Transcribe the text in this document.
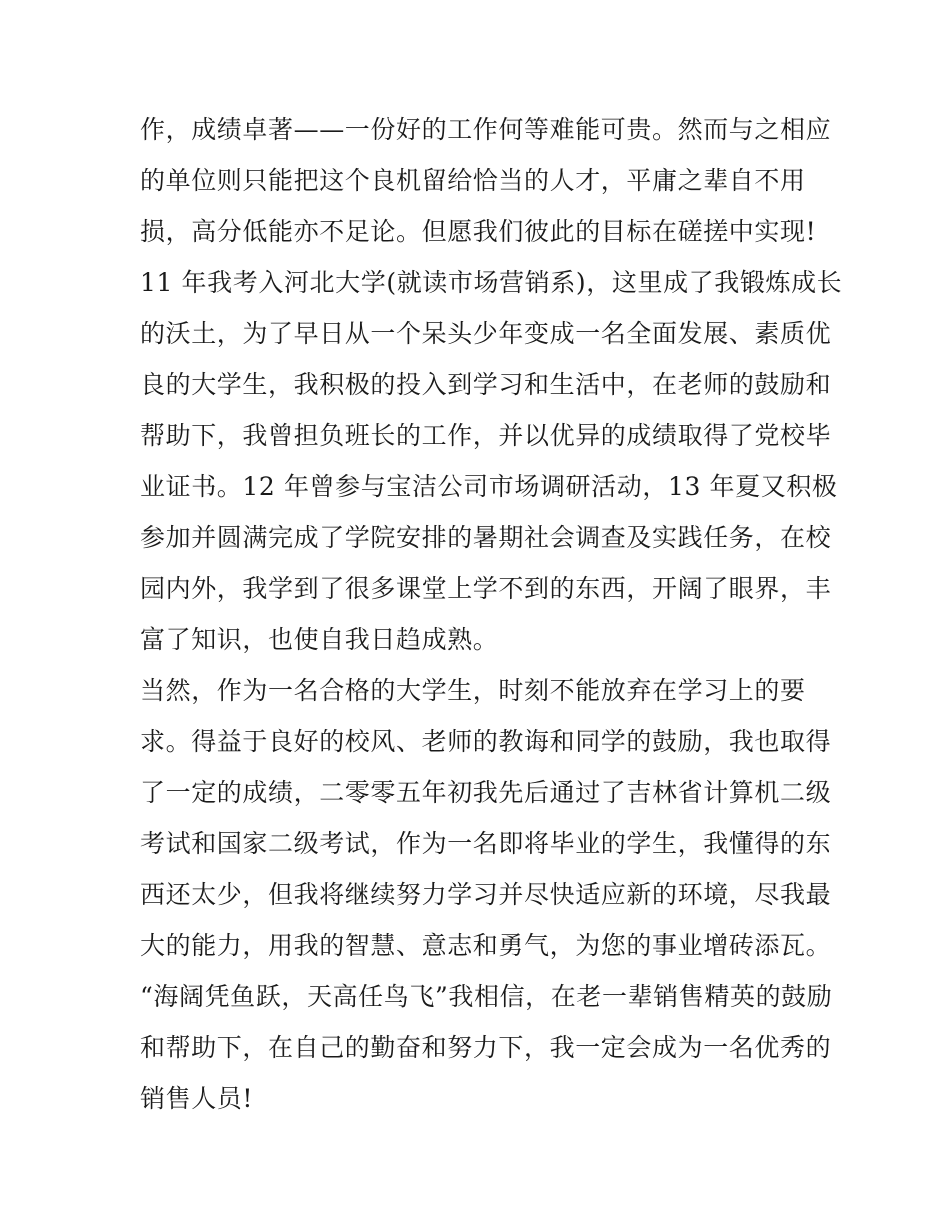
作，成绩卓著——一份好的工作何等难能可贵。然而与之相应
的单位则只能把这个良机留给恰当的人才，平庸之辈自不用
损，高分低能亦不足论。但愿我们彼此的目标在磋搓中实现!
11 年我考入河北大学(就读市场营销系)，这里成了我锻炼成长
的沃土，为了早日从一个呆头少年变成一名全面发展、素质优
良的大学生，我积极的投入到学习和生活中，在老师的鼓励和
帮助下，我曾担负班长的工作，并以优异的成绩取得了党校毕
业证书。12 年曾参与宝洁公司市场调研活动，13 年夏又积极
参加并圆满完成了学院安排的暑期社会调查及实践任务，在校
园内外，我学到了很多课堂上学不到的东西，开阔了眼界，丰
富了知识，也使自我日趋成熟。
当然，作为一名合格的大学生，时刻不能放弃在学习上的要
求。得益于良好的校风、老师的教诲和同学的鼓励，我也取得
了一定的成绩，二零零五年初我先后通过了吉林省计算机二级
考试和国家二级考试，作为一名即将毕业的学生，我懂得的东
西还太少，但我将继续努力学习并尽快适应新的环境，尽我最
大的能力，用我的智慧、意志和勇气，为您的事业增砖添瓦。
“海阔凭鱼跃，天高任鸟飞”我相信，在老一辈销售精英的鼓励
和帮助下，在自己的勤奋和努力下，我一定会成为一名优秀的
销售人员!
